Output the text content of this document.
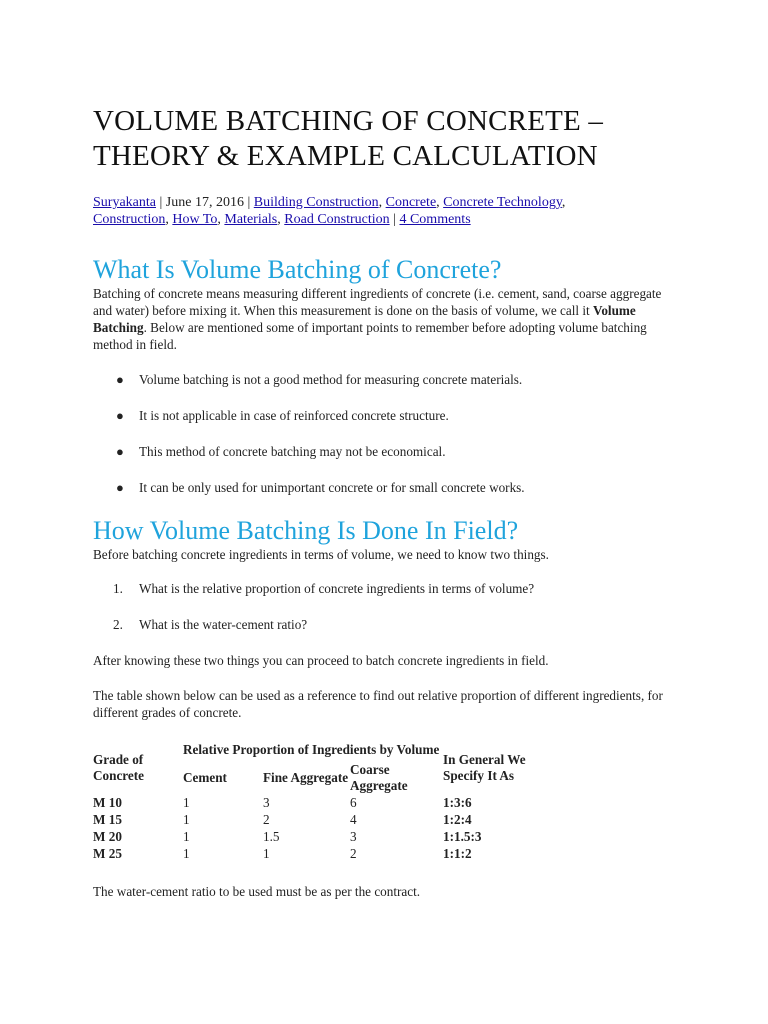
VOLUME BATCHING OF CONCRETE –
THEORY & EXAMPLE CALCULATION
Suryakanta | June 17, 2016 | Building Construction, Concrete, Concrete Technology,
Construction, How To, Materials, Road Construction | 4 Comments
What Is Volume Batching of Concrete?

Batching of concrete means measuring different ingredients of concrete (i.e. cement, sand, coarse aggregate and water) before mixing it. When this measurement is done on the basis of volume, we call it Volume Batching. Below are mentioned some of important points to remember before adopting volume batching method in field.

● Volume batching is not a good method for measuring concrete materials.
● It is not applicable in case of reinforced concrete structure.
● This method of concrete batching may not be economical.
● It can be only used for unimportant concrete or for small concrete works.
How Volume Batching Is Done In Field?

Before batching concrete ingredients in terms of volume, we need to know two things.

1. What is the relative proportion of concrete ingredients in terms of volume?
2. What is the water-cement ratio?

After knowing these two things you can proceed to batch concrete ingredients in field.

The table shown below can be used as a reference to find out relative proportion of different ingredients, for different grades of concrete.

Grade of Concrete	Relative Proportion of Ingredients by Volume			In General We Specify It As
	Cement	Fine Aggregate	Coarse Aggregate	
M 10	1	3	6	1:3:6
M 15	1	2	4	1:2:4
M 20	1	1.5	3	1:1.5:3
M 25	1	1	2	1:1:2

The water-cement ratio to be used must be as per the contract.
